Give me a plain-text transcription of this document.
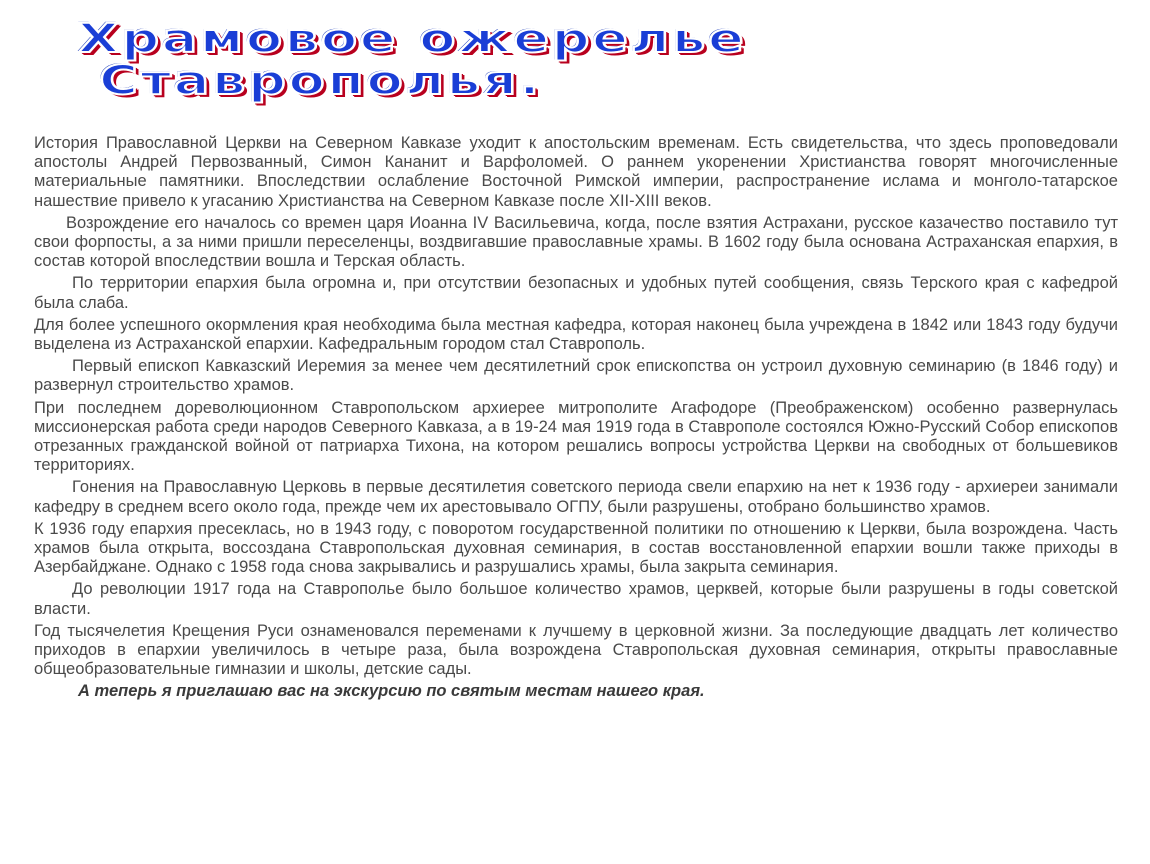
Храмовое ожерелье
Ставрополья.

История Православной Церкви на Северном Кавказе уходит к апостольским временам. Есть свидетельства, что здесь проповедовали апостолы Андрей Первозванный, Симон Кананит и Варфоломей. О раннем укоренении Христианства говорят многочисленные материальные памятники. Впоследствии ослабление Восточной Римской империи, распространение ислама и монголо-татарское нашествие привело к угасанию Христианства на Северном Кавказе после XII-XIII веков.

Возрождение его началось со времен царя Иоанна IV Васильевича, когда, после взятия Астрахани, русское казачество поставило тут свои форпосты, а за ними пришли переселенцы, воздвигавшие православные храмы. В 1602 году была основана Астраханская епархия, в состав которой впоследствии вошла и Терская область.

По территории епархия была огромна и, при отсутствии безопасных и удобных путей сообщения, связь Терского края с кафедрой была слаба.

Для более успешного окормления края необходима была местная кафедра, которая наконец была учреждена в 1842 или 1843 году будучи выделена из Астраханской епархии. Кафедральным городом стал Ставрополь.

Первый епископ Кавказский Иеремия за менее чем десятилетний срок епископства он устроил духовную семинарию (в 1846 году) и развернул строительство храмов.

При последнем дореволюционном Ставропольском архиерее митрополите Агафодоре (Преображенском) особенно развернулась миссионерская работа среди народов Северного Кавказа, а в 19-24 мая 1919 года в Ставрополе состоялся Южно-Русский Собор епископов отрезанных гражданской войной от патриарха Тихона, на котором решались вопросы устройства Церкви на свободных от большевиков территориях.

Гонения на Православную Церковь в первые десятилетия советского периода свели епархию на нет к 1936 году - архиереи занимали кафедру в среднем всего около года, прежде чем их арестовывало ОГПУ, были разрушены, отобрано большинство храмов.

К 1936 году епархия пресеклась, но в 1943 году, с поворотом государственной политики по отношению к Церкви, была возрождена. Часть храмов была открыта, воссоздана Ставропольская духовная семинария, в состав восстановленной епархии вошли также приходы в Азербайджане. Однако с 1958 года снова закрывались и разрушались храмы, была закрыта семинария.

До революции 1917 года на Ставрополье было большое количество храмов, церквей, которые были разрушены в годы советской власти.

Год тысячелетия Крещения Руси ознаменовался переменами к лучшему в церковной жизни. За последующие двадцать лет количество приходов в епархии увеличилось в четыре раза, была возрождена Ставропольская духовная семинария, открыты православные общеобразовательные гимназии и школы, детские сады.

А теперь я приглашаю вас на экскурсию по святым местам нашего края.
